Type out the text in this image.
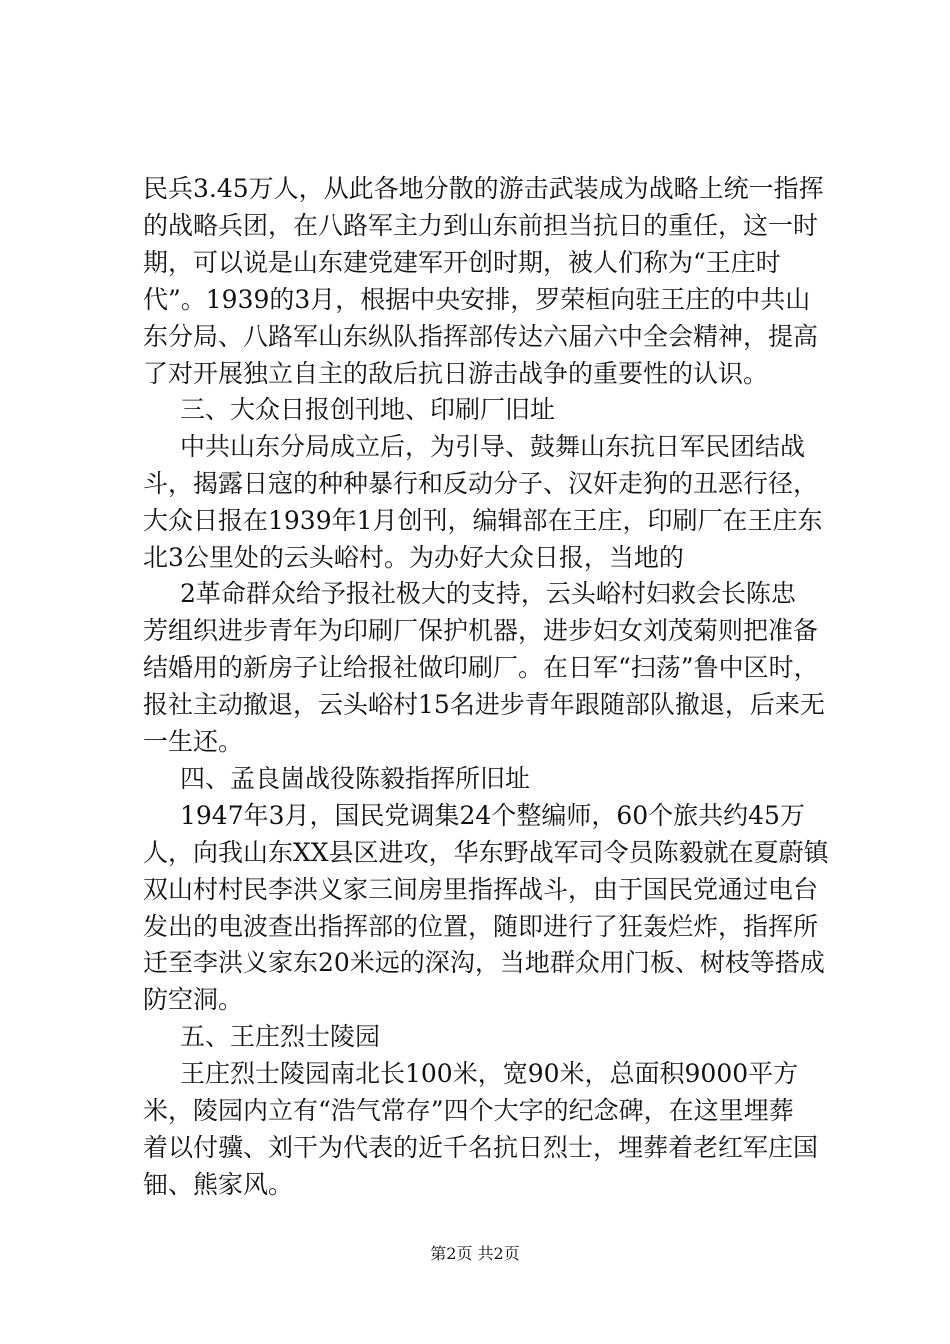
民兵3.45万人，从此各地分散的游击武装成为战略上统一指挥
的战略兵团，在八路军主力到山东前担当抗日的重任，这一时
期，可以说是山东建党建军开创时期，被人们称为“王庄时
代”。1939的3月，根据中央安排，罗荣桓向驻王庄的中共山
东分局、八路军山东纵队指挥部传达六届六中全会精神，提高
了对开展独立自主的敌后抗日游击战争的重要性的认识。
三、大众日报创刊地、印刷厂旧址
中共山东分局成立后，为引导、鼓舞山东抗日军民团结战
斗，揭露日寇的种种暴行和反动分子、汉奸走狗的丑恶行径，
大众日报在1939年1月创刊，编辑部在王庄，印刷厂在王庄东
北3公里处的云头峪村。为办好大众日报，当地的
2革命群众给予报社极大的支持，云头峪村妇救会长陈忠
芳组织进步青年为印刷厂保护机器，进步妇女刘茂菊则把准备
结婚用的新房子让给报社做印刷厂。在日军“扫荡”鲁中区时，
报社主动撤退，云头峪村15名进步青年跟随部队撤退，后来无
一生还。
四、孟良崮战役陈毅指挥所旧址
1947年3月，国民党调集24个整编师，60个旅共约45万
人，向我山东XX县区进攻，华东野战军司令员陈毅就在夏蔚镇
双山村村民李洪义家三间房里指挥战斗，由于国民党通过电台
发出的电波查出指挥部的位置，随即进行了狂轰烂炸，指挥所
迁至李洪义家东20米远的深沟，当地群众用门板、树枝等搭成
防空洞。
五、王庄烈士陵园
王庄烈士陵园南北长100米，宽90米，总面积9000平方
米，陵园内立有“浩气常存”四个大字的纪念碑，在这里埋葬
着以付骥、刘干为代表的近千名抗日烈士，埋葬着老红军庄国
钿、熊家风。
第2页 共2页
